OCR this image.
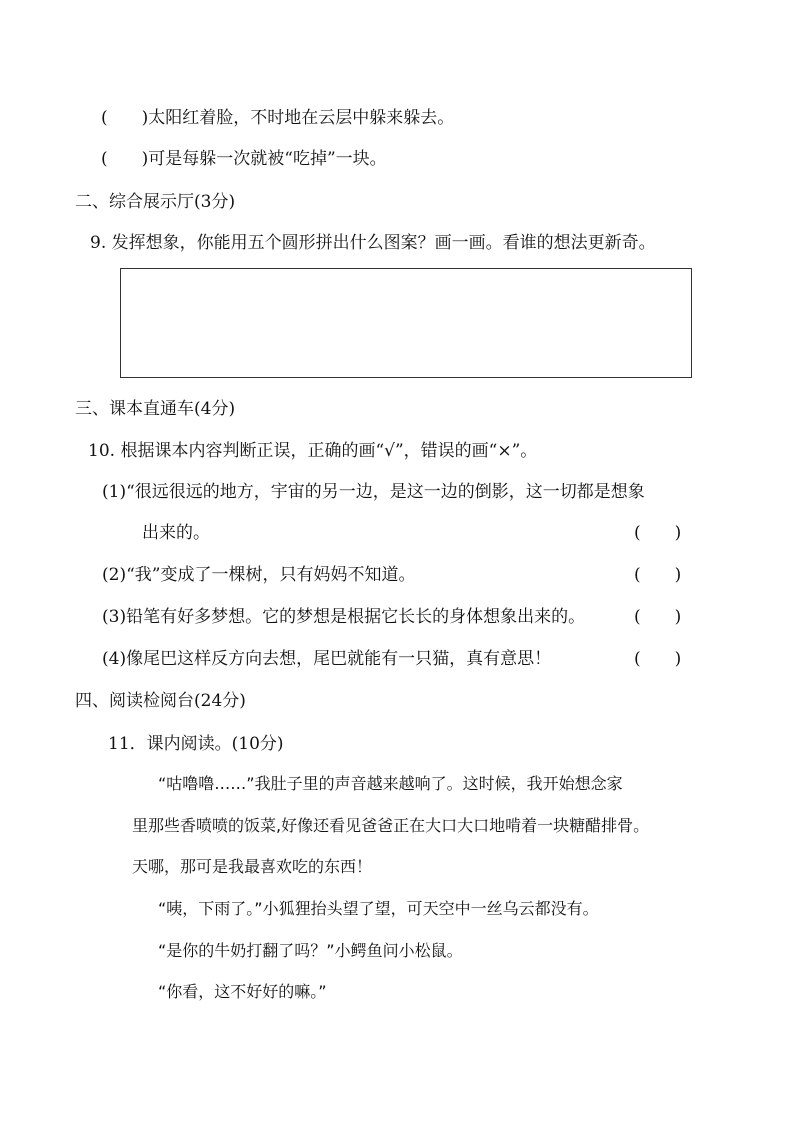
(　　)太阳红着脸，不时地在云层中躲来躲去。
(　　)可是每躲一次就被“吃掉”一块。
二、综合展示厅(3分)
9. 发挥想象，你能用五个圆形拼出什么图案？画一画。看谁的想法更新奇。
三、课本直通车(4分)
10. 根据课本内容判断正误，正确的画“√”，错误的画“×”。
(1)“很远很远的地方，宇宙的另一边，是这一边的倒影，这一切都是想象
出来的。	(　　)
(2)“我”变成了一棵树，只有妈妈不知道。	(　　)
(3)铅笔有好多梦想。它的梦想是根据它长长的身体想象出来的。	(　　)
(4)像尾巴这样反方向去想，尾巴就能有一只猫，真有意思！	(　　)
四、阅读检阅台(24分)
11．课内阅读。(10分)
“咕噜噜……”我肚子里的声音越来越响了。这时候，我开始想念家
里那些香喷喷的饭菜,好像还看见爸爸正在大口大口地啃着一块糖醋排骨。
天哪，那可是我最喜欢吃的东西！
“咦，下雨了。”小狐狸抬头望了望，可天空中一丝乌云都没有。
“是你的牛奶打翻了吗？”小鳄鱼问小松鼠。
“你看，这不好好的嘛。”
